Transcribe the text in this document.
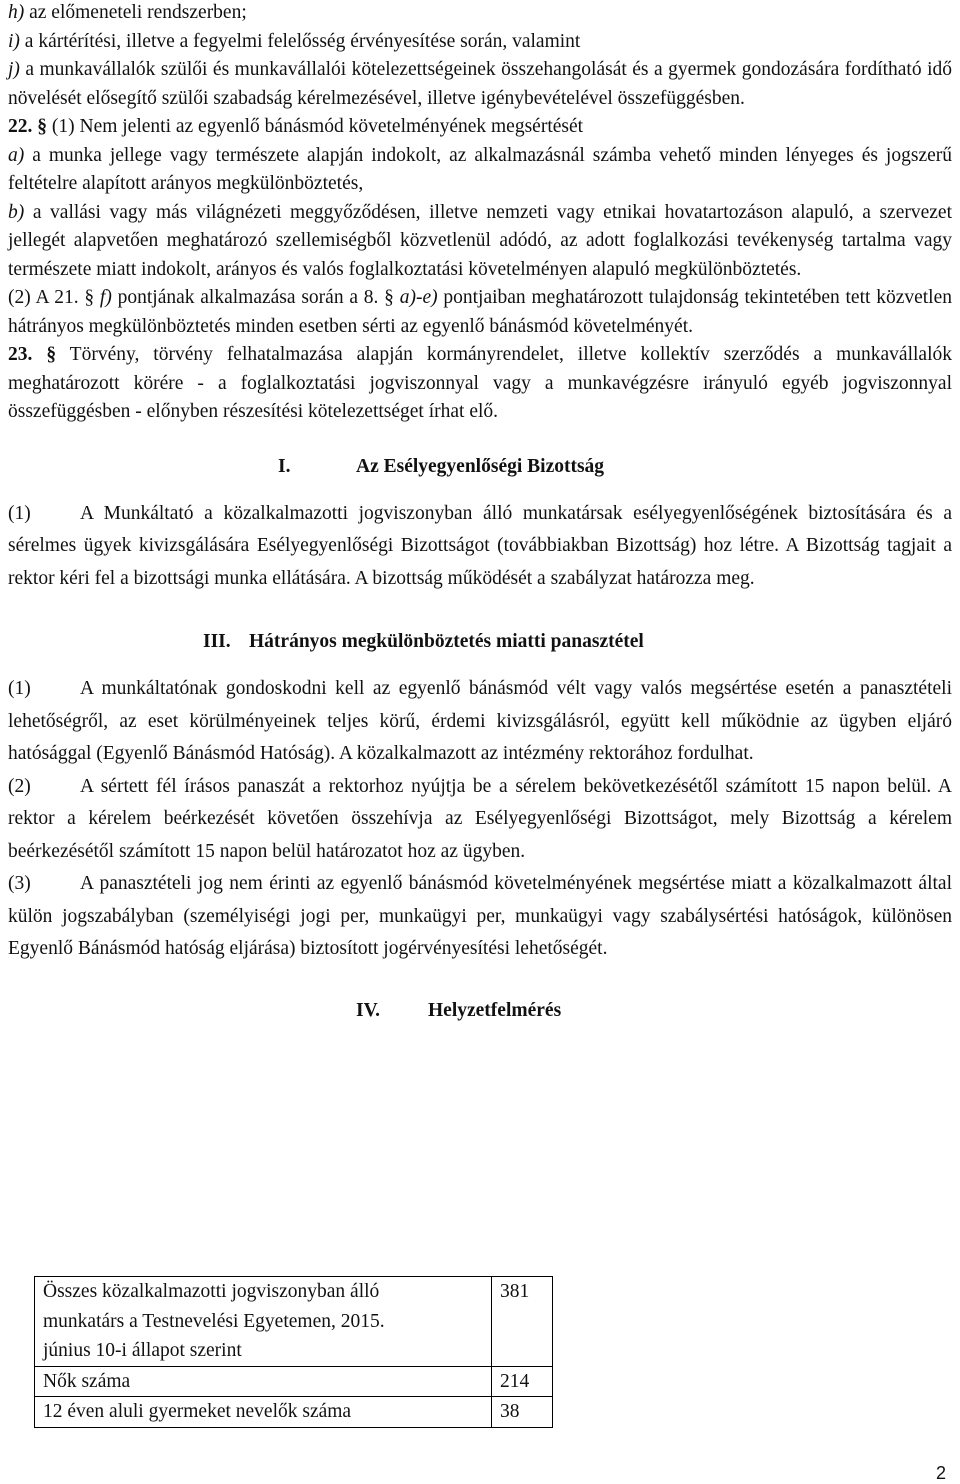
h) az előmeneteli rendszerben;

i) a kártérítési, illetve a fegyelmi felelősség érvényesítése során, valamint

j) a munkavállalók szülői és munkavállalói kötelezettségeinek összehangolását és a gyermek gondozására fordítható idő növelését elősegítő szülői szabadság kérelmezésével, illetve igénybevételével összefüggésben.

22. § (1) Nem jelenti az egyenlő bánásmód követelményének megsértését

a) a munka jellege vagy természete alapján indokolt, az alkalmazásnál számba vehető minden lényeges és jogszerű feltételre alapított arányos megkülönböztetés,

b) a vallási vagy más világnézeti meggyőződésen, illetve nemzeti vagy etnikai hovatartozáson alapuló, a szervezet jellegét alapvetően meghatározó szellemiségből közvetlenül adódó, az adott foglalkozási tevékenység tartalma vagy természete miatt indokolt, arányos és valós foglalkoztatási követelményen alapuló megkülönböztetés.

(2) A 21. § f) pontjának alkalmazása során a 8. § a)-e) pontjaiban meghatározott tulajdonság tekintetében tett közvetlen hátrányos megkülönböztetés minden esetben sérti az egyenlő bánásmód követelményét.

23. § Törvény, törvény felhatalmazása alapján kormányrendelet, illetve kollektív szerződés a munkavállalók meghatározott körére - a foglalkoztatási jogviszonnyal vagy a munkavégzésre irányuló egyéb jogviszonnyal összefüggésben - előnyben részesítési kötelezettséget írhat elő.

I.	Az Esélyegyenlőségi Bizottság

(1)	A Munkáltató a közalkalmazotti jogviszonyban álló munkatársak esélyegyenlőségének biztosítására és a sérelmes ügyek kivizsgálására Esélyegyenlőségi Bizottságot (továbbiakban Bizottság) hoz létre. A Bizottság tagjait a rektor kéri fel a bizottsági munka ellátására. A bizottság működését a szabályzat határozza meg.

III. Hátrányos megkülönböztetés miatti panasztétel

(1)	A munkáltatónak gondoskodni kell az egyenlő bánásmód vélt vagy valós megsértése esetén a panasztételi lehetőségről, az eset körülményeinek teljes körű, érdemi kivizsgálásról, együtt kell működnie az ügyben eljáró hatósággal (Egyenlő Bánásmód Hatóság). A közalkalmazott az intézmény rektorához fordulhat.

(2)	A sértett fél írásos panaszát a rektorhoz nyújtja be a sérelem bekövetkezésétől számított 15 napon belül. A rektor a kérelem beérkezését követően összehívja az Esélyegyenlőségi Bizottságot, mely Bizottság a kérelem beérkezésétől számított 15 napon belül határozatot hoz az ügyben.

(3)	A panasztételi jog nem érinti az egyenlő bánásmód követelményének megsértése miatt a közalkalmazott által külön jogszabályban (személyiségi jogi per, munkaügyi per, munkaügyi vagy szabálysértési hatóságok, különösen Egyenlő Bánásmód hatóság eljárása) biztosított jogérvényesítési lehetőségét.

IV. Helyzetfelmérés

Összes közalkalmazotti jogviszonyban álló
munkatárs a Testnevelési Egyetemen, 2015.
június 10-i állapot szerint	381

Nők száma	214

12 éven aluli gyermeket nevelők száma	38
2
